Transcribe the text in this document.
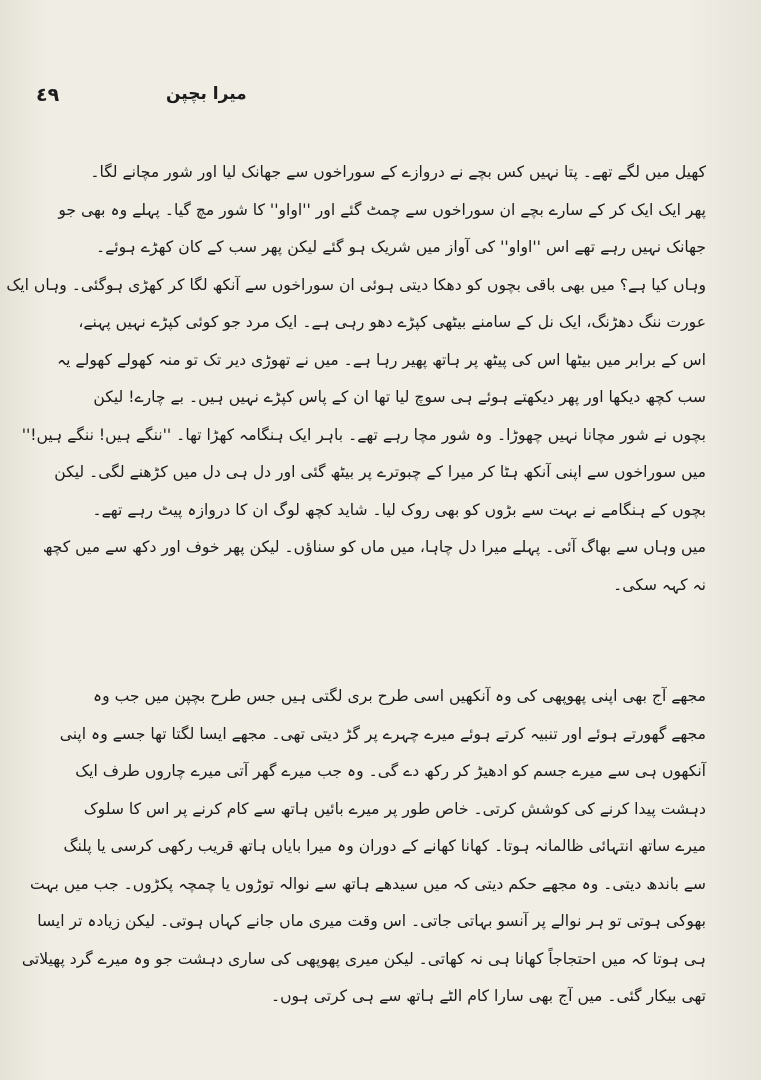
٤٩	میرا بچپن
کھیل میں لگے تھے۔ پتا نہیں کس بچے نے دروازے کے سوراخوں سے جھانک لیا اور شور مچانے لگا۔
پھر ایک ایک کر کے سارے بچے ان سوراخوں سے چمٹ گئے اور ''اواو'' کا شور مچ گیا۔ پہلے وہ بھی جو
جھانک نہیں رہے تھے اس ''اواو'' کی آواز میں شریک ہو گئے لیکن پھر سب کے کان کھڑے ہوئے۔
وہاں کیا ہے؟ میں بھی باقی بچوں کو دھکا دیتی ہوئی ان سوراخوں سے آنکھ لگا کر کھڑی ہوگئی۔ وہاں ایک
عورت ننگ دھڑنگ، ایک نل کے سامنے بیٹھی کپڑے دھو رہی ہے۔ ایک مرد جو کوئی کپڑے نہیں پہنے،
اس کے برابر میں بیٹھا اس کی پیٹھ پر ہاتھ پھیر رہا ہے۔ میں نے تھوڑی دیر تک تو منہ کھولے کھولے یہ
سب کچھ دیکھا اور پھر دیکھتے ہوئے ہی سوچ لیا تھا ان کے پاس کپڑے نہیں ہیں۔ بے چارے! لیکن
بچوں نے شور مچانا نہیں چھوڑا۔ وہ شور مچا رہے تھے۔ باہر ایک ہنگامہ کھڑا تھا۔ ''ننگے ہیں! ننگے ہیں!''
میں سوراخوں سے اپنی آنکھ ہٹا کر میرا کے چبوترے پر بیٹھ گئی اور دل ہی دل میں کڑھنے لگی۔ لیکن
بچوں کے ہنگامے نے بہت سے بڑوں کو بھی روک لیا۔ شاید کچھ لوگ ان کا دروازہ پیٹ رہے تھے۔
میں وہاں سے بھاگ آئی۔ پہلے میرا دل چاہا، میں ماں کو سناؤں۔ لیکن پھر خوف اور دکھ سے میں کچھ
نہ کہہ سکی۔
مجھے آج بھی اپنی پھوپھی کی وہ آنکھیں اسی طرح بری لگتی ہیں جس طرح بچپن میں جب وہ
مجھے گھورتے ہوئے اور تنبیہ کرتے ہوئے میرے چہرے پر گڑ دیتی تھی۔ مجھے ایسا لگتا تھا جسے وہ اپنی
آنکھوں ہی سے میرے جسم کو ادھیڑ کر رکھ دے گی۔ وہ جب میرے گھر آتی میرے چاروں طرف ایک
دہشت پیدا کرنے کی کوشش کرتی۔ خاص طور پر میرے بائیں ہاتھ سے کام کرنے پر اس کا سلوک
میرے ساتھ انتہائی ظالمانہ ہوتا۔ کھانا کھانے کے دوران وہ میرا بایاں ہاتھ قریب رکھی کرسی یا پلنگ
سے باندھ دیتی۔ وہ مجھے حکم دیتی کہ میں سیدھے ہاتھ سے نوالہ توڑوں یا چمچہ پکڑوں۔ جب میں بہت
بھوکی ہوتی تو ہر نوالے پر آنسو بہاتی جاتی۔ اس وقت میری ماں جانے کہاں ہوتی۔ لیکن زیادہ تر ایسا
ہی ہوتا کہ میں احتجاجاً کھانا ہی نہ کھاتی۔ لیکن میری پھوپھی کی ساری دہشت جو وہ میرے گرد پھیلاتی
تھی بیکار گئی۔ میں آج بھی سارا کام الٹے ہاتھ سے ہی کرتی ہوں۔
